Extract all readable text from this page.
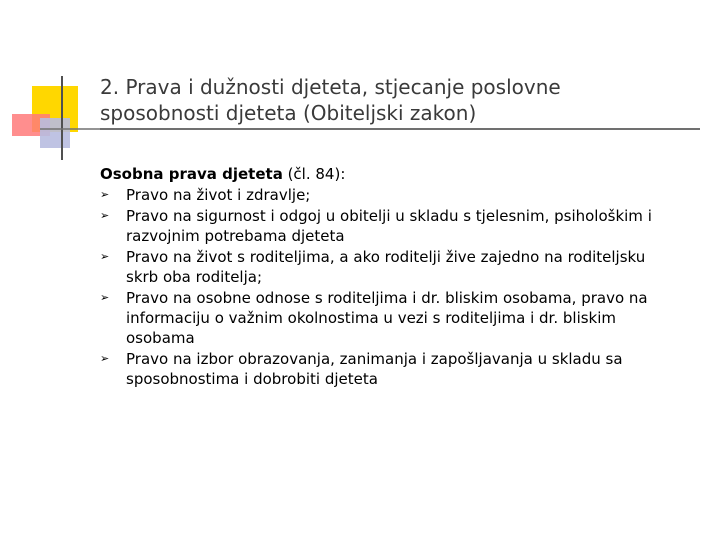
2. Prava i dužnosti djeteta, stjecanje poslovne
sposobnosti djeteta (Obiteljski zakon)

Osobna prava djeteta (čl. 84):

➢ Pravo na život i zdravlje;
➢ Pravo na sigurnost i odgoj u obitelji u skladu s tjelesnim, psihološkim i
razvojnim potrebama djeteta
➢ Pravo na život s roditeljima, a ako roditelji žive zajedno na roditeljsku
skrb oba roditelja;
➢ Pravo na osobne odnose s roditeljima i dr. bliskim osobama, pravo na
informaciju o važnim okolnostima u vezi s roditeljima i dr. bliskim
osobama
➢ Pravo na izbor obrazovanja, zanimanja i zapošljavanja u skladu sa
sposobnostima i dobrobiti djeteta
